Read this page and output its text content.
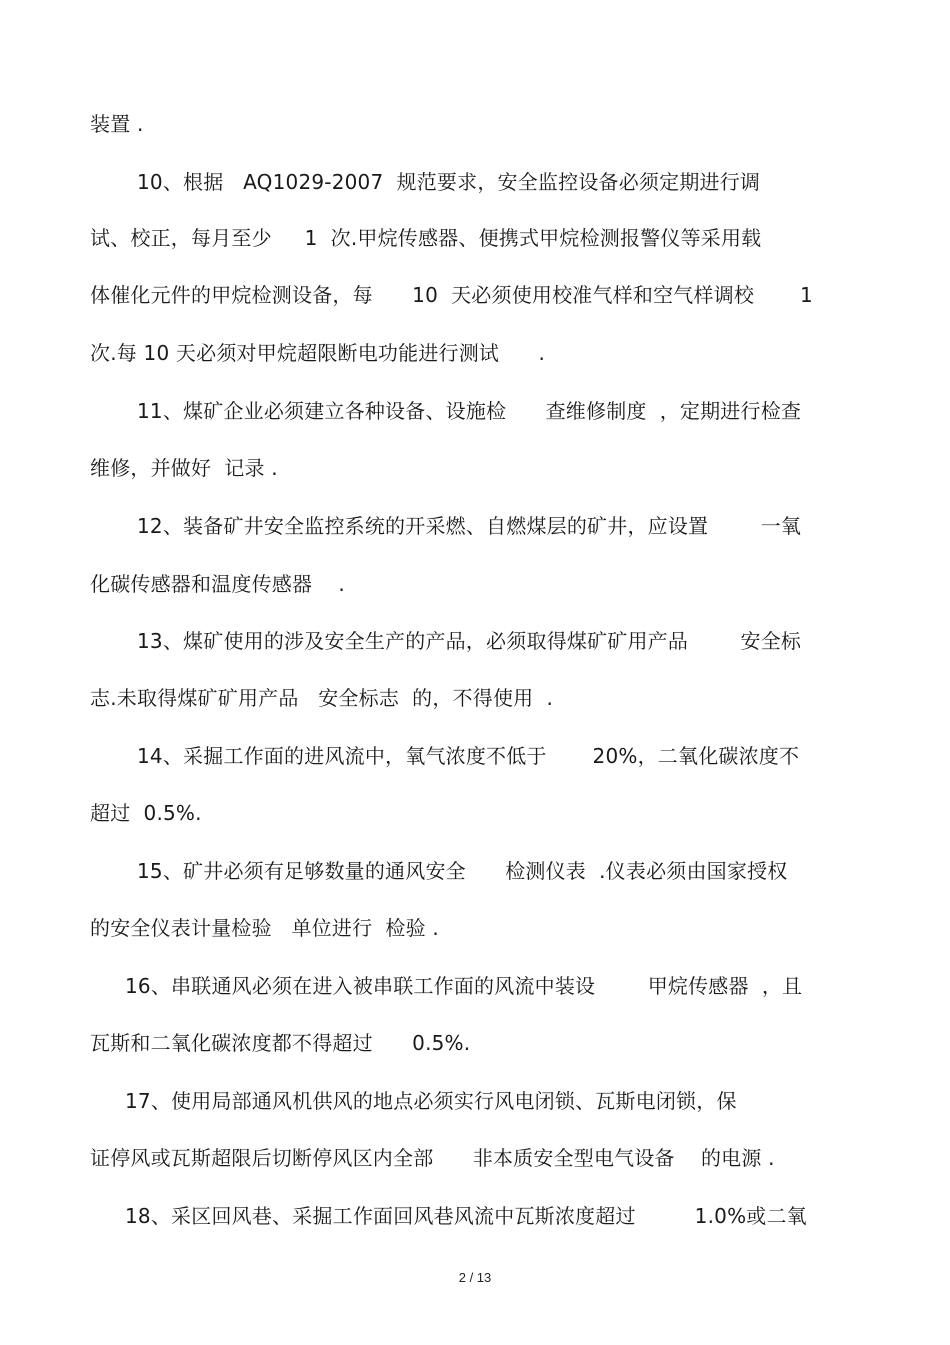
装置 .
10、根据   AQ1029-2007  规范要求，安全监控设备必须定期进行调
试、校正，每月至少     1  次.甲烷传感器、便携式甲烷检测报警仪等采用载
体催化元件的甲烷检测设备，每      10  天必须使用校准气样和空气样调校       1
次.每 10 天必须对甲烷超限断电功能进行测试      .
11、煤矿企业必须建立各种设备、设施检      查维修制度  ，定期进行检查
维修，并做好  记录 .
12、装备矿井安全监控系统的开采燃、自燃煤层的矿井，应设置        一氧
化碳传感器和温度传感器    .
13、煤矿使用的涉及安全生产的产品，必须取得煤矿矿用产品        安全标
志.未取得煤矿矿用产品   安全标志  的，不得使用  .
14、采掘工作面的进风流中，氧气浓度不低于       20%，二氧化碳浓度不
超过  0.5%.
15、矿井必须有足够数量的通风安全      检测仪表  .仪表必须由国家授权
的安全仪表计量检验   单位进行  检验 .
16、串联通风必须在进入被串联工作面的风流中装设        甲烷传感器  ，且
瓦斯和二氧化碳浓度都不得超过      0.5%.
17、使用局部通风机供风的地点必须实行风电闭锁、瓦斯电闭锁，保
证停风或瓦斯超限后切断停风区内全部      非本质安全型电气设备    的电源 .
18、采区回风巷、采掘工作面回风巷风流中瓦斯浓度超过         1.0%或二氧
2 / 13
